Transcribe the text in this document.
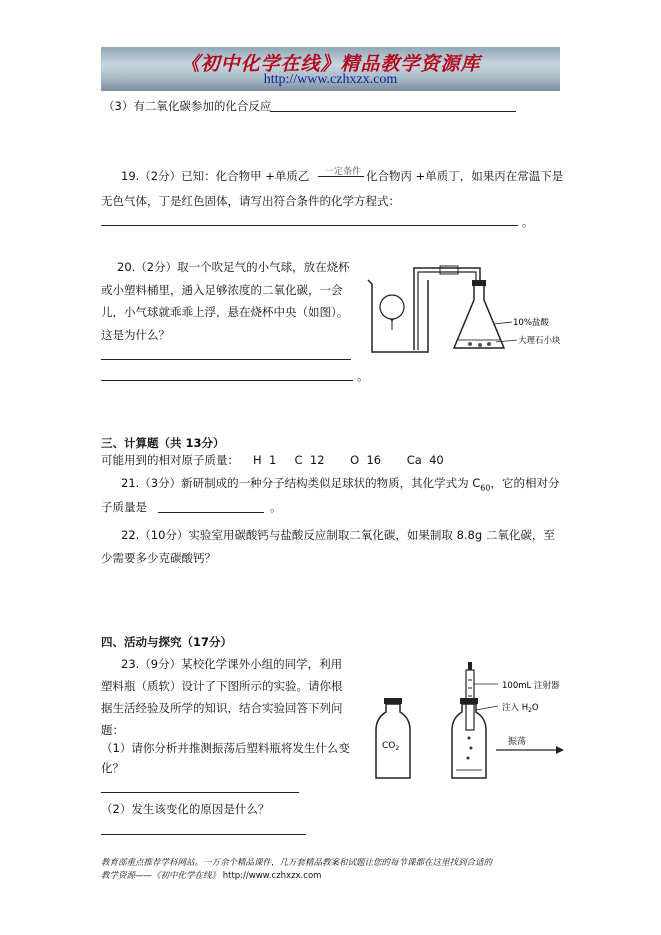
《初中化学在线》精品教学资源库
http://www.czhxzx.com
（3）有二氧化碳参加的化合反应
19.（2分）已知：化合物甲 +单质乙 一定条件 化合物丙 +单质丁，如果丙在常温下是
无色气体，丁是红色固体，请写出符合条件的化学方程式：
。
20.（2分）取一个吹足气的小气球，放在烧杯
或小塑料桶里，通入足够浓度的二氧化碳，一会
儿，小气球就乖乖上浮，悬在烧杯中央（如图）。
这是为什么？
。
10%盐酸
大理石小块
三、计算题（共 13分）
可能用到的相对原子质量： H  1     C  12       O  16       Ca  40
21.（3分）新研制成的一种分子结构类似足球状的物质，其化学式为 $C_{60}$，它的相对分
子质量是	。
22.（10分）实验室用碳酸钙与盐酸反应制取二氧化碳，如果制取 8.8g 二氧化碳，至
少需要多少克碳酸钙？
四、活动与探究（17分）
23.（9分）某校化学课外小组的同学，利用
塑料瓶（质软）设计了下图所示的实验。请你根
据生活经验及所学的知识，结合实验回答下列问
题：
（1）请你分析并推测振荡后塑料瓶将发生什么变
化？
（2）发生该变化的原因是什么？
$CO_2$
100mL 注射器
注入 $H_2O$
振荡
教育部重点推荐学科网站。一万余个精品课件，几万套精品教案和试题让您的每节课都在这里找到合适的
教学资源——《初中化学在线》 http://www.czhxzx.com
